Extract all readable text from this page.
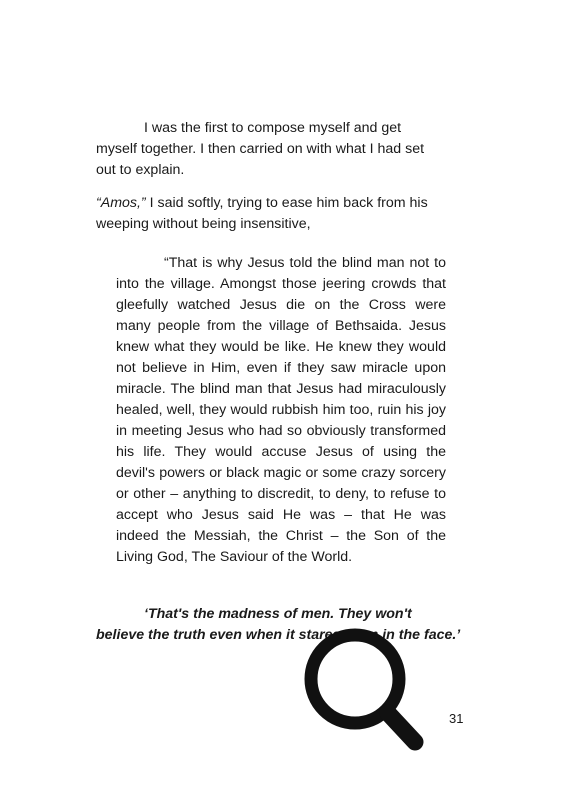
I was the first to compose myself and get myself together. I then carried on with what I had set out to explain.

“Amos,” I said softly, trying to ease him back from his weeping without being insensitive,

“That is why Jesus told the blind man not to into the village. Amongst those jeering crowds that gleefully watched Jesus die on the Cross were many people from the village of Bethsaida. Jesus knew what they would be like. He knew they would not believe in Him, even if they saw miracle upon miracle. The blind man that Jesus had miraculously healed, well, they would rubbish him too, ruin his joy in meeting Jesus who had so obviously transformed his life. They would accuse Jesus of using the devil's powers or black magic or some crazy sorcery or other – anything to discredit, to deny, to refuse to accept who Jesus said He was – that He was indeed the Messiah, the Christ – the Son of the Living God, The Saviour of the World.

‘That's the madness of men. They won't believe the truth even when it stares them in the face.’

31
